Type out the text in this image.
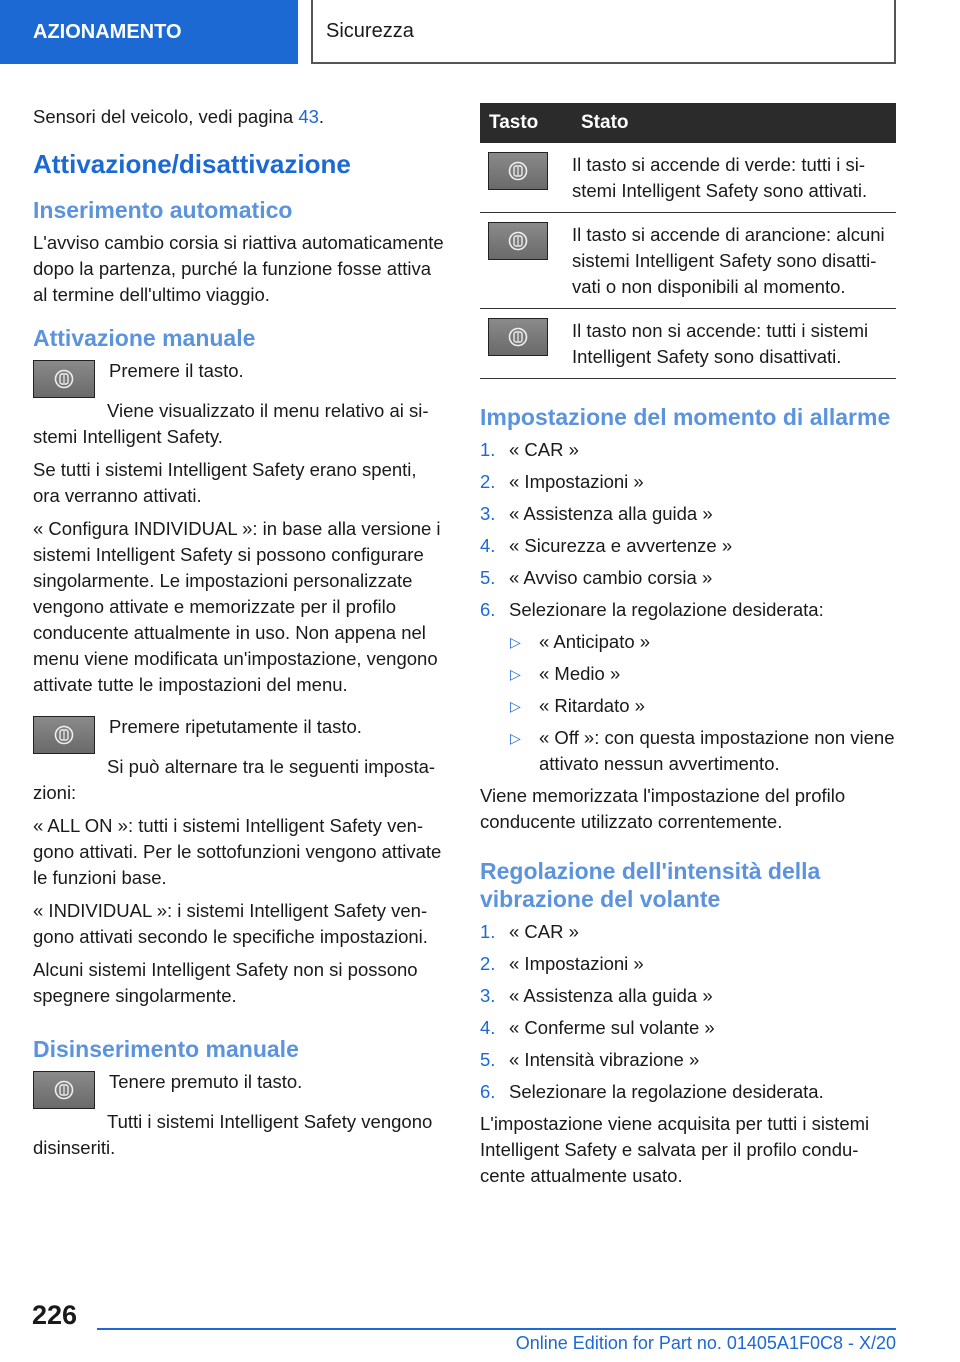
AZIONAMENTO	Sicurezza

Sensori del veicolo, vedi pagina 43.

Attivazione/disattivazione
Inserimento automatico

L'avviso cambio corsia si riattiva automaticamente dopo la partenza, purché la funzione fosse attiva al termine dell'ultimo viaggio.

Attivazione manuale

Premere il tasto.

Viene visualizzato il menu relativo ai sistemi Intelligent Safety.

Se tutti i sistemi Intelligent Safety erano spenti, ora verranno attivati.

« Configura INDIVIDUAL »: in base alla versione i sistemi Intelligent Safety si possono configurare singolarmente. Le impostazioni personalizzate vengono attivate e memorizzate per il profilo conducente attualmente in uso. Non appena nel menu viene modificata un'impostazione, vengono attivate tutte le impostazioni del menu.

Premere ripetutamente il tasto.

Si può alternare tra le seguenti impostazioni:

« ALL ON »: tutti i sistemi Intelligent Safety vengono attivati. Per le sottofunzioni vengono attivate le funzioni base.

« INDIVIDUAL »: i sistemi Intelligent Safety vengono attivati secondo le specifiche impostazioni.

Alcuni sistemi Intelligent Safety non si possono spegnere singolarmente.

Disinserimento manuale

Tenere premuto il tasto.

Tutti i sistemi Intelligent Safety vengono disinseriti.

Tasto	Stato

	Il tasto si accende di verde: tutti i sistemi Intelligent Safety sono attivati.

	Il tasto si accende di arancione: alcuni sistemi Intelligent Safety sono disattivati o non disponibili al momento.

	Il tasto non si accende: tutti i sistemi Intelligent Safety sono disattivati.
Impostazione del momento di allarme
1. « CAR »
2. « Impostazioni »
3. « Assistenza alla guida »
4. « Sicurezza e avvertenze »
5. « Avviso cambio corsia »
6. Selezionare la regolazione desiderata:
▷ « Anticipato »
▷ « Medio »
▷ « Ritardato »
▷ « Off »: con questa impostazione non viene attivato nessun avvertimento.

Viene memorizzata l'impostazione del profilo conducente utilizzato correntemente.

Regolazione dell'intensità della vibrazione del volante
1. « CAR »
2. « Impostazioni »
3. « Assistenza alla guida »
4. « Conferme sul volante »
5. « Intensità vibrazione »
6. Selezionare la regolazione desiderata.

L'impostazione viene acquisita per tutti i sistemi Intelligent Safety e salvata per il profilo conducente attualmente usato.

226
Online Edition for Part no. 01405A1F0C8 - X/20
